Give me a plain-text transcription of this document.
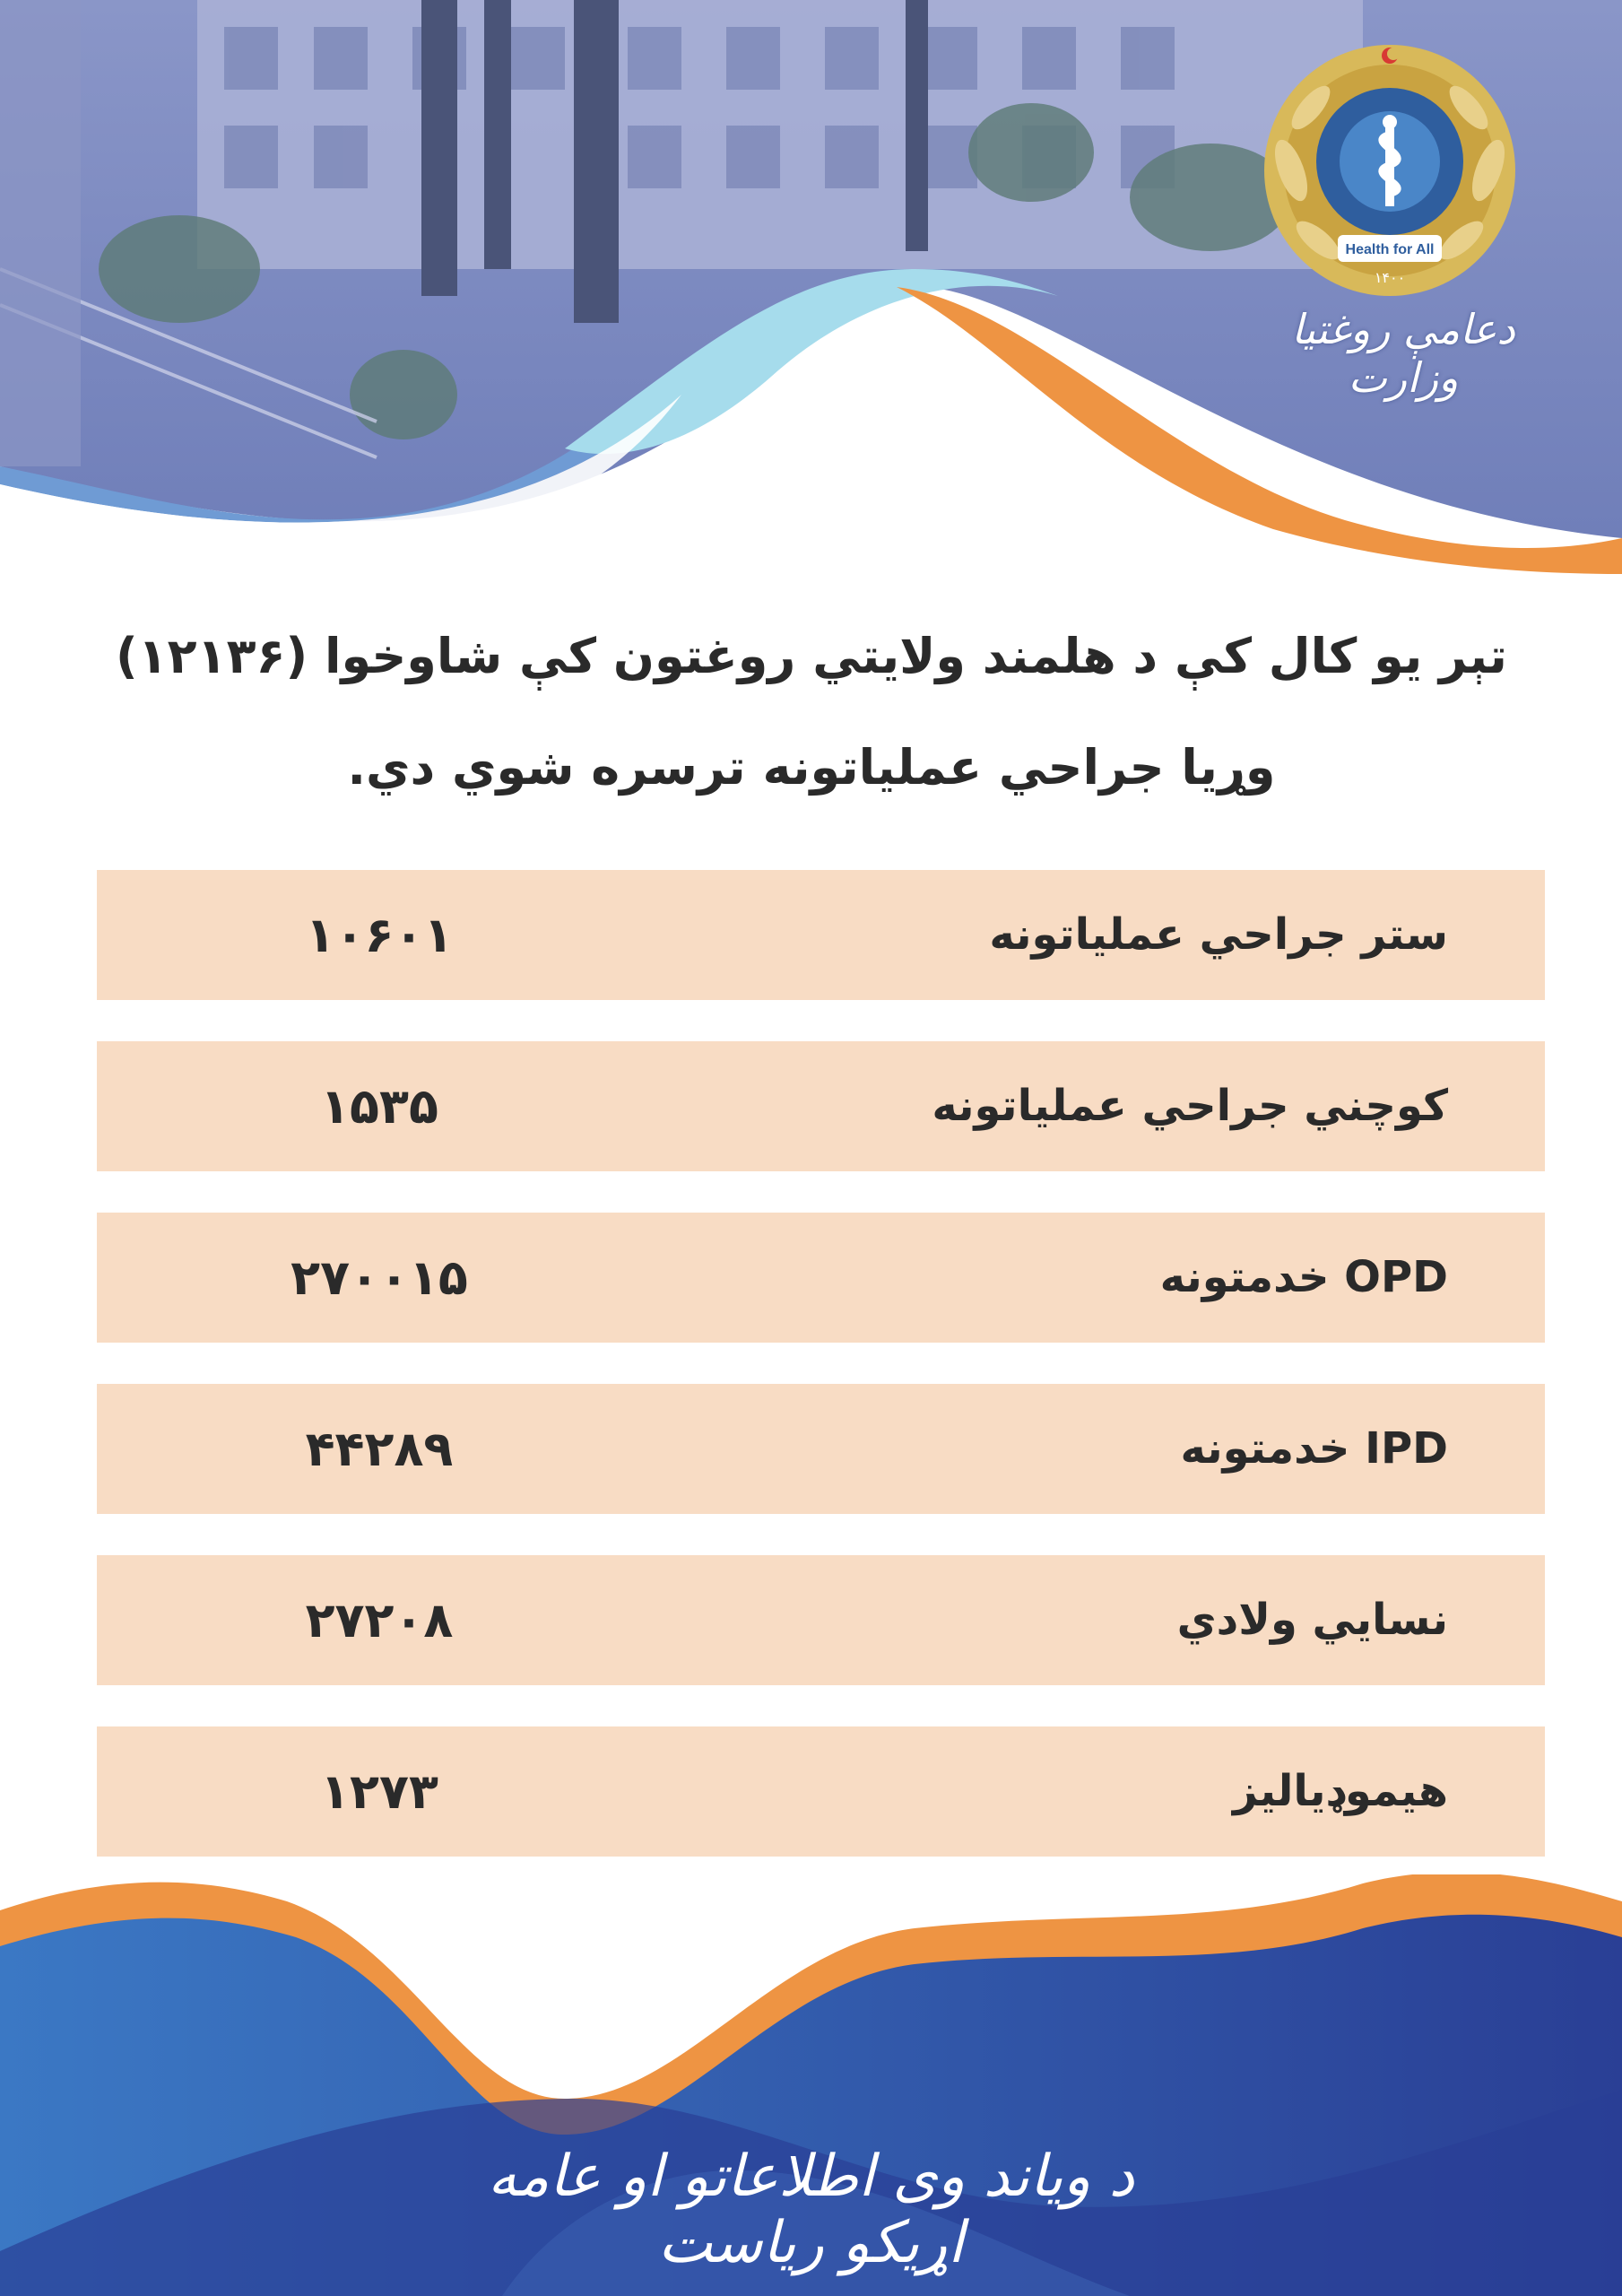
Health for All
۱۴۰۰
دعامې روغتیا وزارت
تېر یو کال کې د هلمند ولایتي روغتون کې شاوخوا (۱۲۱۳۶) وړیا جراحي عملیاتونه ترسره شوي دي.
ستر جراحي عملیاتونه
۱۰۶۰۱
کوچني جراحي عملیاتونه
۱۵۳۵
OPD خدمتونه
۲۷۰۰۱۵
IPD خدمتونه
۴۴۲۸۹
نسایي ولادي
۲۷۲۰۸
هیموډیالیز
۱۲۷۳
د ویاند وی اطلاعاتو او عامه اړیکو ریاست
